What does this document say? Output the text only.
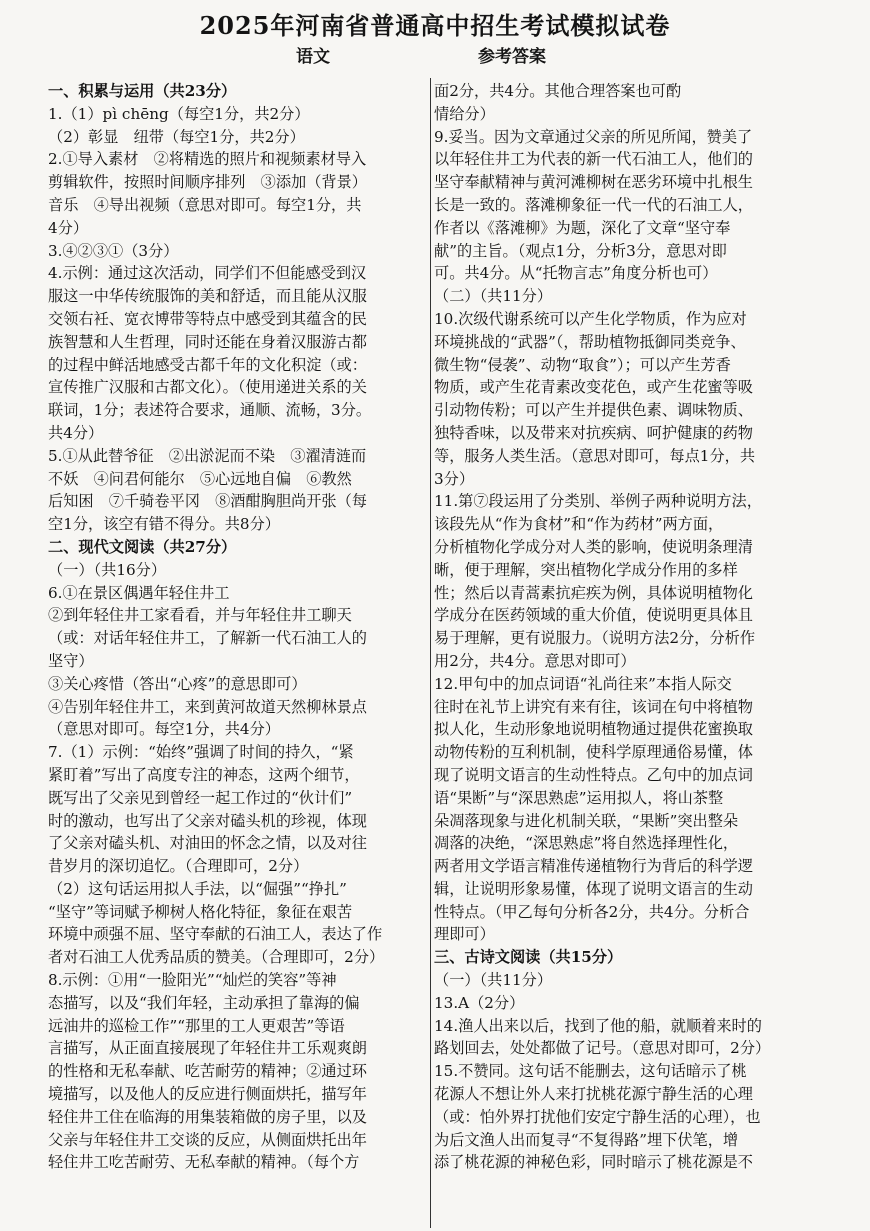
2025年河南省普通高中招生考试模拟试卷
语文	参考答案
一、积累与运用（共23分）
1.（1）pì chēng（每空1分，共2分）
（2）彰显　纽带（每空1分，共2分）
2.①导入素材　②将精选的照片和视频素材导入
剪辑软件，按照时间顺序排列　③添加（背景）
音乐　④导出视频（意思对即可。每空1分，共
4分）
3.④②③①（3分）
4.示例：通过这次活动，同学们不但能感受到汉
服这一中华传统服饰的美和舒适，而且能从汉服
交领右衽、宽衣博带等特点中感受到其蕴含的民
族智慧和人生哲理，同时还能在身着汉服游古都
的过程中鲜活地感受古都千年的文化积淀（或：
宣传推广汉服和古都文化）。（使用递进关系的关
联词，1分；表述符合要求，通顺、流畅，3分。
共4分）
5.①从此替爷征　②出淤泥而不染　③濯清涟而
不妖　④问君何能尔　⑤心远地自偏　⑥教然
后知困　⑦千骑卷平冈　⑧酒酣胸胆尚开张（每
空1分，该空有错不得分。共8分）
二、现代文阅读（共27分）
（一）（共16分）
6.①在景区偶遇年轻住井工
②到年轻住井工家看看，并与年轻住井工聊天
（或：对话年轻住井工，了解新一代石油工人的
坚守）
③关心疼惜（答出“心疼”的意思即可）
④告别年轻住井工，来到黄河故道天然柳林景点
（意思对即可。每空1分，共4分）
7.（1）示例：“始终”强调了时间的持久，“紧
紧盯着”写出了高度专注的神态，这两个细节，
既写出了父亲见到曾经一起工作过的“伙计们”
时的激动，也写出了父亲对磕头机的珍视，体现
了父亲对磕头机、对油田的怀念之情，以及对往
昔岁月的深切追忆。（合理即可，2分）
（2）这句话运用拟人手法，以“倔强”“挣扎”
“坚守”等词赋予柳树人格化特征，象征在艰苦
环境中顽强不屈、坚守奉献的石油工人，表达了作
者对石油工人优秀品质的赞美。（合理即可，2分）
8.示例：①用“一脸阳光”“灿烂的笑容”等神
态描写，以及“我们年轻，主动承担了靠海的偏
远油井的巡检工作”“那里的工人更艰苦”等语
言描写，从正面直接展现了年轻住井工乐观爽朗
的性格和无私奉献、吃苦耐劳的精神；②通过环
境描写，以及他人的反应进行侧面烘托，描写年
轻住井工住在临海的用集装箱做的房子里，以及
父亲与年轻住井工交谈的反应，从侧面烘托出年
轻住井工吃苦耐劳、无私奉献的精神。（每个方
面2分，共4分。其他合理答案也可酌
情给分）
9.妥当。因为文章通过父亲的所见所闻，赞美了
以年轻住井工为代表的新一代石油工人，他们的
坚守奉献精神与黄河滩柳树在恶劣环境中扎根生
长是一致的。落滩柳象征一代一代的石油工人，
作者以《落滩柳》为题，深化了文章“坚守奉
献”的主旨。（观点1分，分析3分，意思对即
可。共4分。从“托物言志”角度分析也可）
（二）（共11分）
10.次级代谢系统可以产生化学物质，作为应对
环境挑战的“武器”（，帮助植物抵御同类竞争、
微生物“侵袭”、动物“取食”）；可以产生芳香
物质，或产生花青素改变花色，或产生花蜜等吸
引动物传粉；可以产生并提供色素、调味物质、
独特香味，以及带来对抗疾病、呵护健康的药物
等，服务人类生活。（意思对即可，每点1分，共
3分）
11.第⑦段运用了分类别、举例子两种说明方法，
该段先从“作为食材”和“作为药材”两方面，
分析植物化学成分对人类的影响，使说明条理清
晰，便于理解，突出植物化学成分作用的多样
性；然后以青蒿素抗疟疾为例，具体说明植物化
学成分在医药领域的重大价值，使说明更具体且
易于理解，更有说服力。（说明方法2分，分析作
用2分，共4分。意思对即可）
12.甲句中的加点词语“礼尚往来”本指人际交
往时在礼节上讲究有来有往，该词在句中将植物
拟人化，生动形象地说明植物通过提供花蜜换取
动物传粉的互利机制，使科学原理通俗易懂，体
现了说明文语言的生动性特点。乙句中的加点词
语“果断”与“深思熟虑”运用拟人，将山茶整
朵凋落现象与进化机制关联，“果断”突出整朵
凋落的决绝，“深思熟虑”将自然选择理性化，
两者用文学语言精准传递植物行为背后的科学逻
辑，让说明形象易懂，体现了说明文语言的生动
性特点。（甲乙每句分析各2分，共4分。分析合
理即可）
三、古诗文阅读（共15分）
（一）（共11分）
13.A（2分）
14.渔人出来以后，找到了他的船，就顺着来时的
路划回去，处处都做了记号。（意思对即可，2分）
15.不赞同。这句话不能删去，这句话暗示了桃
花源人不想让外人来打扰桃花源宁静生活的心理
（或：怕外界打扰他们安定宁静生活的心理），也
为后文渔人出而复寻“不复得路”埋下伏笔，增
添了桃花源的神秘色彩，同时暗示了桃花源是不
